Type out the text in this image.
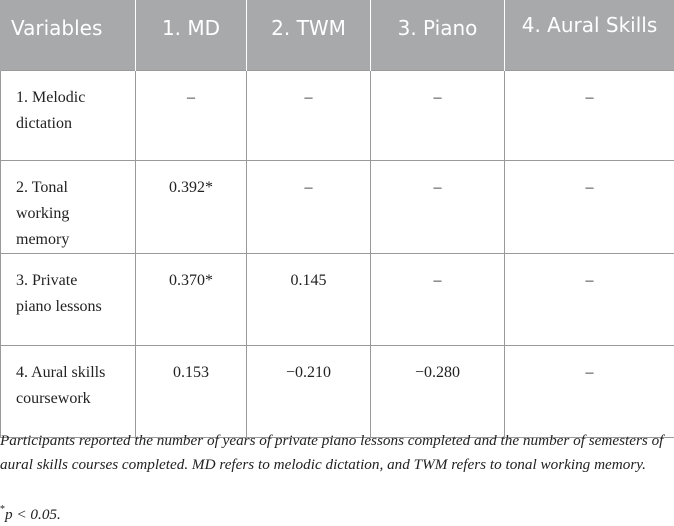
Variables	1. MD	2. TWM	3. Piano	4. Aural Skills

1. Melodic dictation	–	–	–	–

2. Tonal working memory	0.392*	–	–	–

3. Private piano lessons	0.370*	0.145	–	–

4. Aural skills coursework	0.153	−0.210	−0.280	–
Participants reported the number of years of private piano lessons completed and the number of semesters of aural skills courses completed. MD refers to melodic dictation, and TWM refers to tonal working memory.
*p < 0.05.
